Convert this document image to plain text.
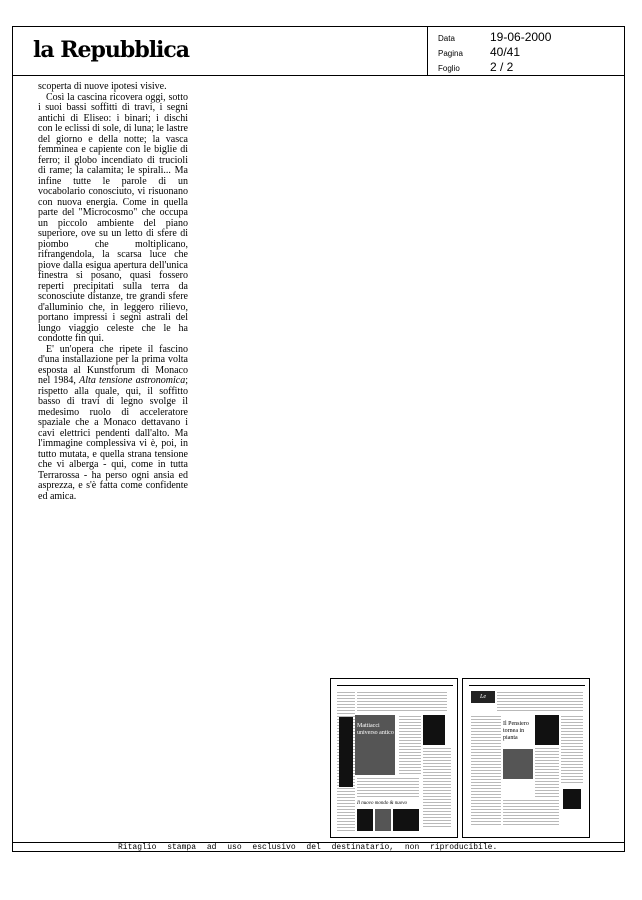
la Repubblica	Data	19-06-2000
Pagina	40/41
Foglio	2 / 2

scoperta di nuove ipotesi visive.

Così la cascina ricovera oggi, sotto i suoi bassi soffitti di travi, i segni antichi di Eliseo: i binari; i dischi con le eclissi di sole, di luna; le lastre del giorno e della notte; la vasca femminea e capiente con le biglie di ferro; il globo incendiato di trucioli di rame; la calamita; le spirali... Ma infine tutte le parole di un vocabolario conosciuto, vi risuonano con nuova energia. Come in quella parte del "Microcosmo" che occupa un piccolo ambiente del piano superiore, ove su un letto di sfere di piombo che moltiplicano, rifrangendola, la scarsa luce che piove dalla esigua apertura dell'unica finestra si posano, quasi fossero reperti precipitati sulla terra da sconosciute distanze, tre grandi sfere d'alluminio che, in leggero rilievo, portano impressi i segni astrali del lungo viaggio celeste che le ha condotte fin qui.

E' un'opera che ripete il fascino d'una installazione per la prima volta esposta al Kunstforum di Monaco nel 1984, Alta tensione astronomica; rispetto alla quale, qui, il soffitto basso di travi di legno svolge il medesimo ruolo di acceleratore spaziale che a Monaco dettavano i cavi elettrici pendenti dall'alto. Ma l'immagine complessiva vi è, poi, in tutto mutata, e quella strana tensione che vi alberga - qui, come in tutta Terrarossa - ha perso ogni ansia ed asprezza, e s'è fatta come confidente ed amica.

Mattiacci universo antico
Il nuovo mondo & nuovo
Le Mostre
Il Pensiero tornea in pianta
Ritaglio stampa ad uso esclusivo del destinatario, non riproducibile.
